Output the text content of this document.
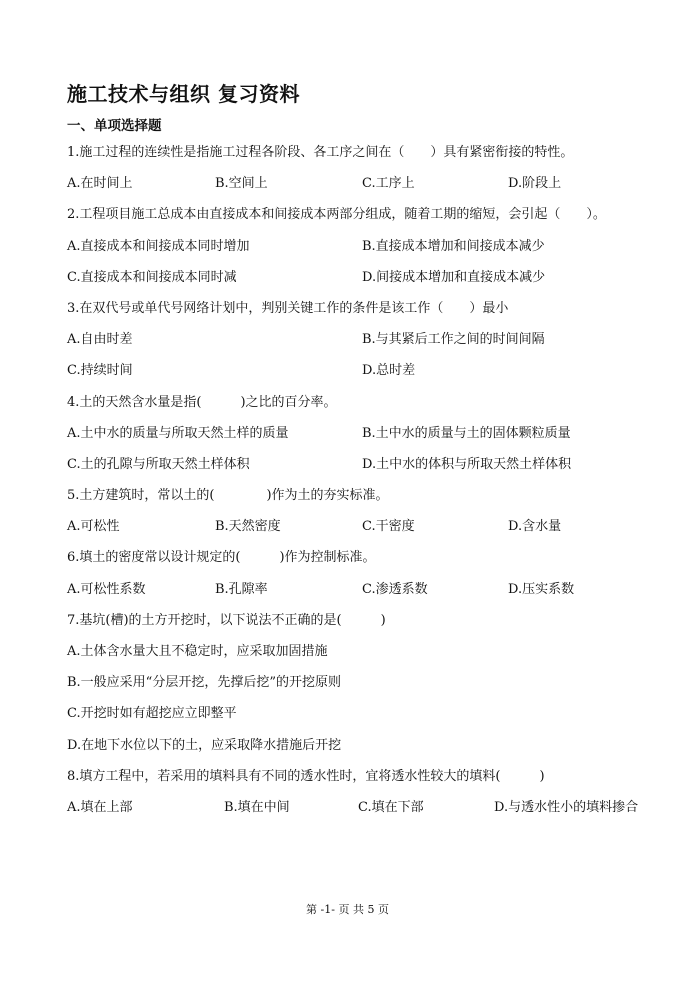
施工技术与组织 复习资料
一、单项选择题
1.施工过程的连续性是指施工过程各阶段、各工序之间在（　　）具有紧密衔接的特性。
A.在时间上	B.空间上	C.工序上	D.阶段上
2.工程项目施工总成本由直接成本和间接成本两部分组成，随着工期的缩短，会引起（　　）。
A.直接成本和间接成本同时增加	B.直接成本增加和间接成本减少
C.直接成本和间接成本同时减	D.间接成本增加和直接成本减少
3.在双代号或单代号网络计划中，判别关键工作的条件是该工作（　　）最小
A.自由时差	B.与其紧后工作之间的时间间隔
C.持续时间	D.总时差
4.土的天然含水量是指(　　　)之比的百分率。
A.土中水的质量与所取天然土样的质量	B.土中水的质量与土的固体颗粒质量
C.土的孔隙与所取天然土样体积	D.土中水的体积与所取天然土样体积
5.土方建筑时，常以土的(　　　　)作为土的夯实标准。
A.可松性	B.天然密度	C.干密度	D.含水量
6.填土的密度常以设计规定的(　　　)作为控制标准。
A.可松性系数	B.孔隙率	C.渗透系数	D.压实系数
7.基坑(槽)的土方开挖时，以下说法不正确的是(　　　)
A.土体含水量大且不稳定时，应采取加固措施
B.一般应采用“分层开挖，先撑后挖”的开挖原则
C.开挖时如有超挖应立即整平
D.在地下水位以下的土，应采取降水措施后开挖
8.填方工程中，若采用的填料具有不同的透水性时，宜将透水性较大的填料(　　　)
A.填在上部	B.填在中间	C.填在下部	D.与透水性小的填料掺合
第 -1- 页 共 5 页
